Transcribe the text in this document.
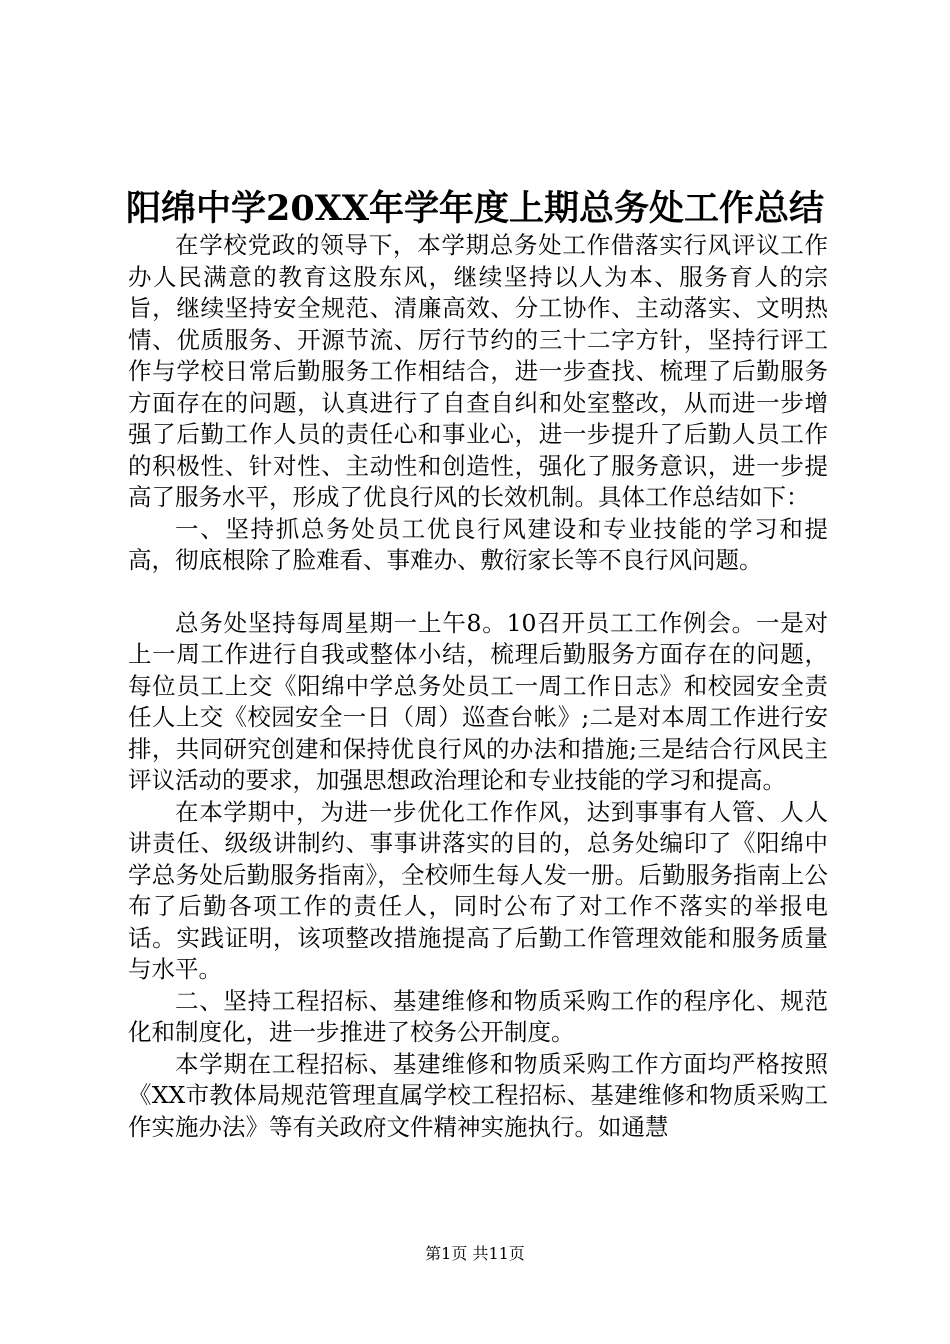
阳绵中学20XX年学年度上期总务处工作总结

在学校党政的领导下，本学期总务处工作借落实行风评议工作办人民满意的教育这股东风，继续坚持以人为本、服务育人的宗旨，继续坚持安全规范、清廉高效、分工协作、主动落实、文明热情、优质服务、开源节流、厉行节约的三十二字方针，坚持行评工作与学校日常后勤服务工作相结合，进一步查找、梳理了后勤服务方面存在的问题，认真进行了自查自纠和处室整改，从而进一步增强了后勤工作人员的责任心和事业心，进一步提升了后勤人员工作的积极性、针对性、主动性和创造性，强化了服务意识，进一步提高了服务水平，形成了优良行风的长效机制。具体工作总结如下：

一、坚持抓总务处员工优良行风建设和专业技能的学习和提高，彻底根除了脸难看、事难办、敷衍家长等不良行风问题。

总务处坚持每周星期一上午8。10召开员工工作例会。一是对上一周工作进行自我或整体小结，梳理后勤服务方面存在的问题，每位员工上交《阳绵中学总务处员工一周工作日志》和校园安全责任人上交《校园安全一日（周）巡查台帐》;二是对本周工作进行安排，共同研究创建和保持优良行风的办法和措施;三是结合行风民主评议活动的要求，加强思想政治理论和专业技能的学习和提高。

在本学期中，为进一步优化工作作风，达到事事有人管、人人讲责任、级级讲制约、事事讲落实的目的，总务处编印了《阳绵中学总务处后勤服务指南》，全校师生每人发一册。后勤服务指南上公布了后勤各项工作的责任人，同时公布了对工作不落实的举报电话。实践证明，该项整改措施提高了后勤工作管理效能和服务质量与水平。

二、坚持工程招标、基建维修和物质采购工作的程序化、规范化和制度化，进一步推进了校务公开制度。

本学期在工程招标、基建维修和物质采购工作方面均严格按照《XX市教体局规范管理直属学校工程招标、基建维修和物质采购工作实施办法》等有关政府文件精神实施执行。如通慧

第1页 共11页
